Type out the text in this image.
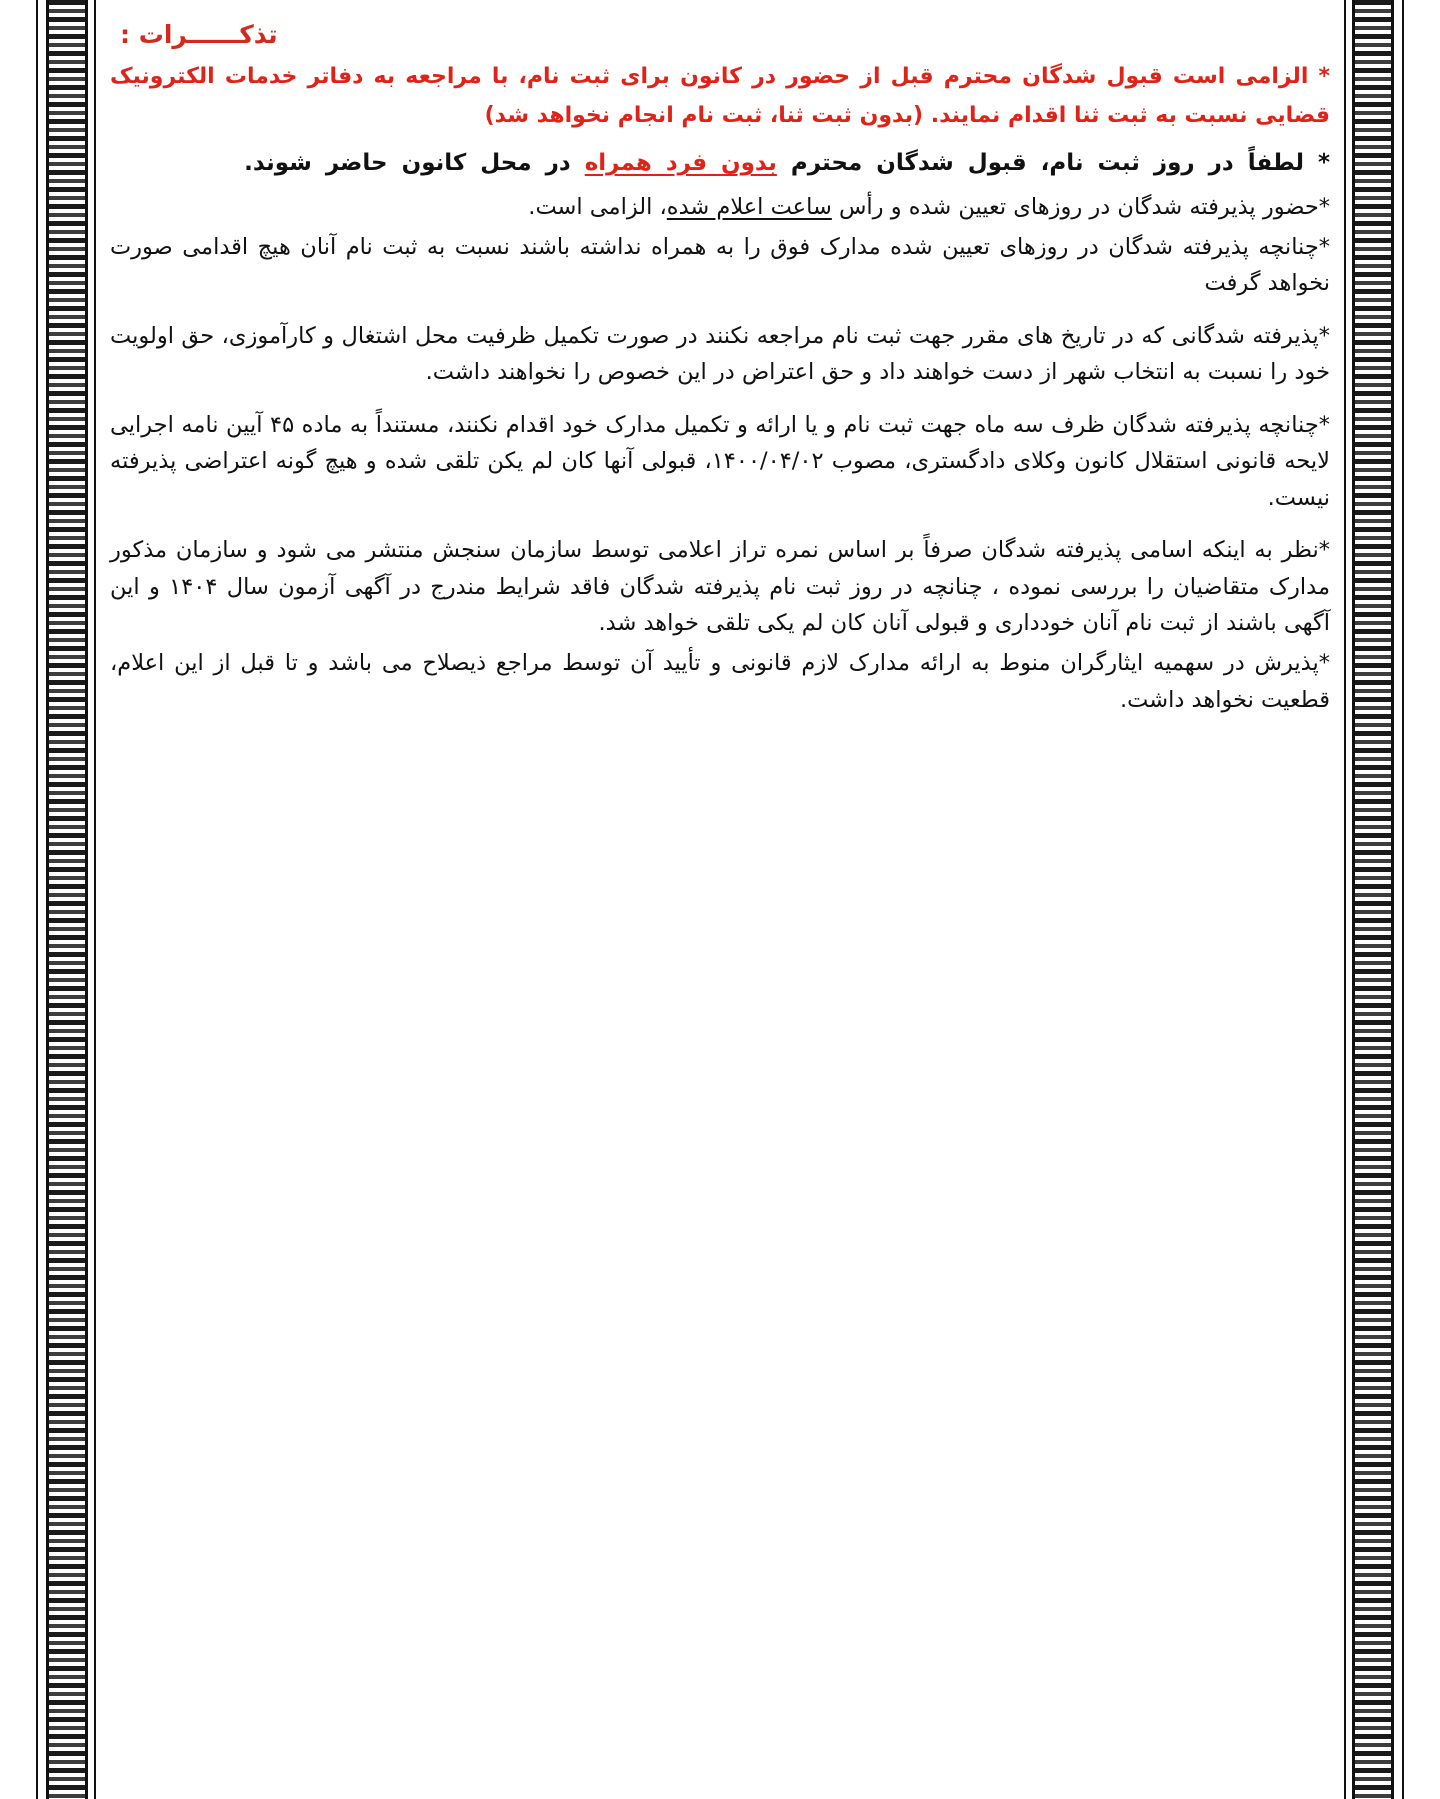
تذکــــــرات :

* الزامی است قبول شدگان محترم قبل از حضور در کانون برای ثبت نام، با مراجعه به دفاتر خدمات الکترونیک قضایی نسبت به ثبت ثنا اقدام نمایند. (بدون ثبت ثنا، ثبت نام انجام نخواهد شد)

* لطفاً در روز ثبت نام، قبول شدگان محترم بدون فرد همراه در محل کانون حاضر شوند.

*حضور پذیرفته شدگان در روزهای تعیین شده و رأس ساعت اعلام شده، الزامی است.

*چنانچه پذیرفته شدگان در روزهای تعیین شده مدارک فوق را به همراه نداشته باشند نسبت به ثبت نام آنان هیچ اقدامی صورت نخواهد گرفت

*پذیرفته شدگانی که در تاریخ های مقرر جهت ثبت نام مراجعه نکنند در صورت تکمیل ظرفیت محل اشتغال و کارآموزی، حق اولویت خود را نسبت به انتخاب شهر از دست خواهند داد و حق اعتراض در این خصوص را نخواهند داشت.

*چنانچه پذیرفته شدگان ظرف سه ماه جهت ثبت نام و یا ارائه و تکمیل مدارک خود اقدام نکنند، مستنداً به ماده ۴۵ آیین نامه اجرایی لایحه قانونی استقلال کانون وکلای دادگستری، مصوب ۱۴۰۰/۰۴/۰۲، قبولی آنها کان لم یکن تلقی شده و هیچ گونه اعتراضی پذیرفته نیست.

*نظر به اینکه اسامی پذیرفته شدگان صرفاً بر اساس نمره تراز اعلامی توسط سازمان سنجش منتشر می شود و سازمان مذکور مدارک متقاضیان را بررسی نموده ، چنانچه در روز ثبت نام پذیرفته شدگان فاقد شرایط مندرج در آگهی آزمون سال ۱۴۰۴ و این آگهی باشند از ثبت نام آنان خودداری و قبولی آنان کان لم یکی تلقی خواهد شد.

*پذیرش در سهمیه ایثارگران منوط به ارائه مدارک لازم قانونی و تأیید آن توسط مراجع ذیصلاح می باشد و تا قبل از این اعلام، قطعیت نخواهد داشت.
